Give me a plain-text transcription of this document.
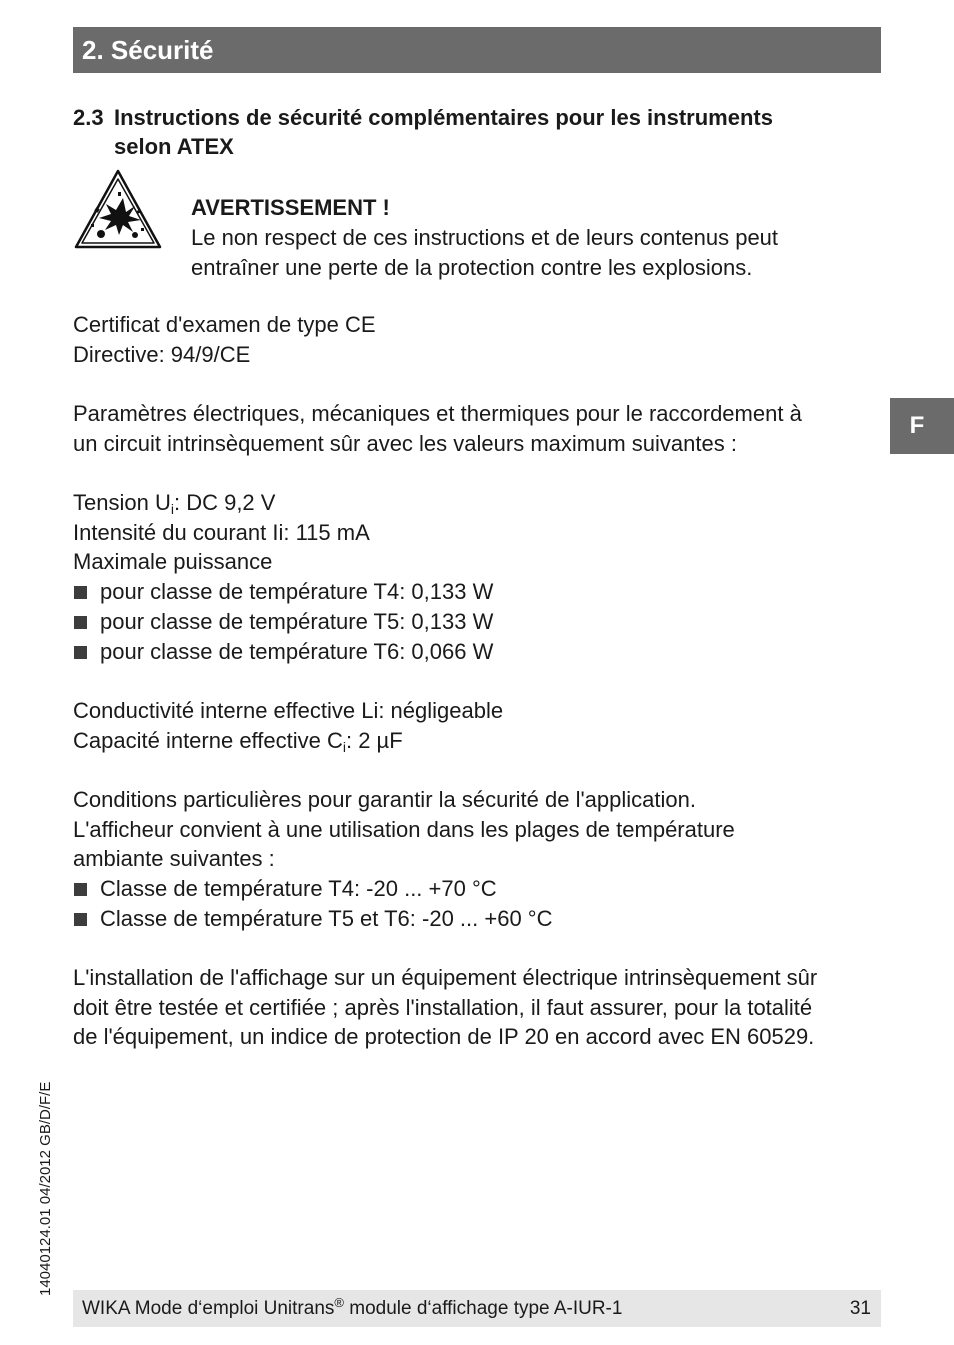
2. Sécurité
2.3 Instructions de sécurité complémentaires pour les instruments
selon ATEX
AVERTISSEMENT !
Le non respect de ces instructions et de leurs contenus peut
entraîner une perte de la protection contre les explosions.
Certificat d'examen de type CE
Directive: 94/9/CE
Paramètres électriques, mécaniques et thermiques pour le raccordement à
un circuit intrinsèquement sûr avec les valeurs maximum suivantes :
Tension $U_i$: DC 9,2 V
Intensité du courant Ii: 115 mA
Maximale puissance
pour classe de température T4: 0,133 W
pour classe de température T5: 0,133 W
pour classe de température T6: 0,066 W
Conductivité interne effective Li: négligeable
Capacité interne effective $C_i$: 2 µF
Conditions particulières pour garantir la sécurité de l'application.
L'afficheur convient à une utilisation dans les plages de température
ambiante suivantes :
Classe de température T4: -20 ... +70 °C
Classe de température T5 et T6: -20 ... +60 °C
L'installation de l'affichage sur un équipement électrique intrinsèquement sûr
doit être testée et certifiée ; après l'installation, il faut assurer, pour la totalité
de l'équipement, un indice de protection de IP 20 en accord avec EN 60529.
F
14040124.01 04/2012 GB/D/F/E
WIKA Mode d‘emploi Unitrans® module d‘affichage type A-IUR-1	31
